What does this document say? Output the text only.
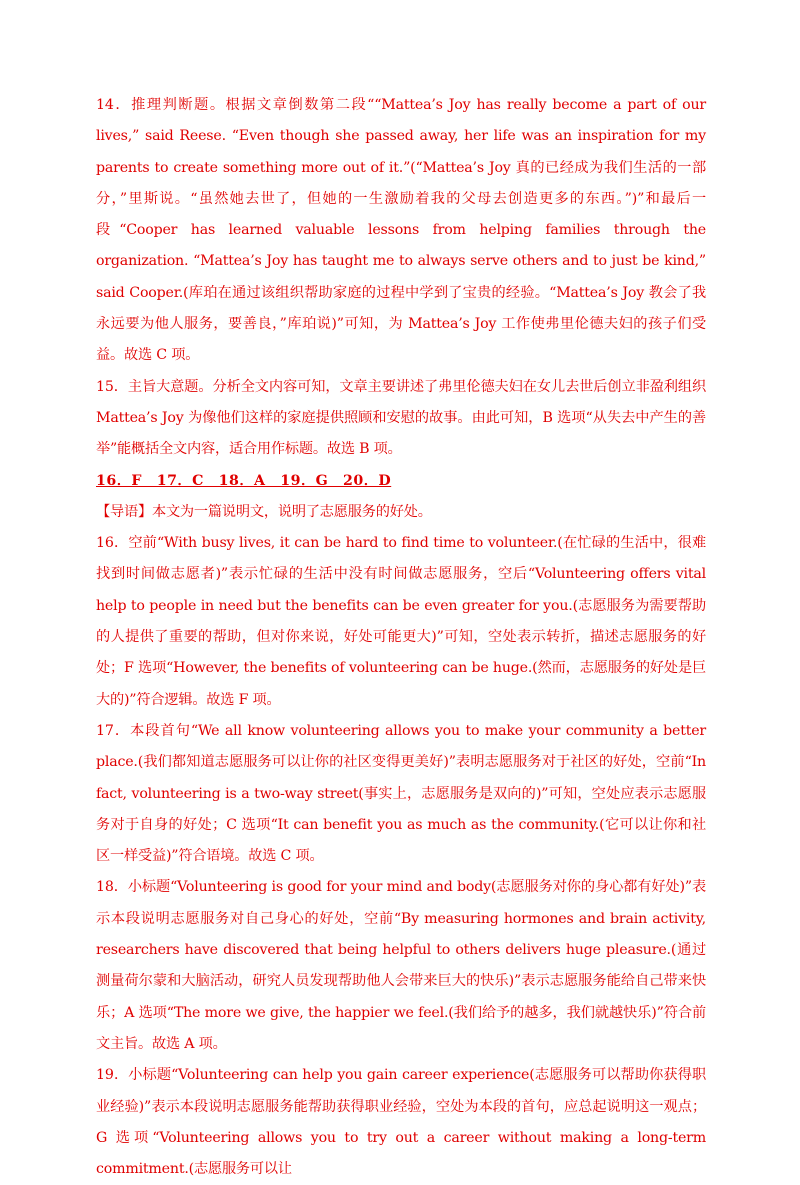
14．推理判断题。根据文章倒数第二段““Mattea’s Joy has really become a part of our lives,” said Reese. “Even though she passed away, her life was an inspiration for my parents to create something more out of it.”(“Mattea’s Joy 真的已经成为我们生活的一部分，”里斯说。“虽然她去世了，但她的一生激励着我的父母去创造更多的东西。”)”和最后一段“Cooper has learned valuable lessons from helping families through the organization. “Mattea’s Joy has taught me to always serve others and to just be kind,” said Cooper.(库珀在通过该组织帮助家庭的过程中学到了宝贵的经验。“Mattea’s Joy 教会了我永远要为他人服务，要善良，”库珀说)”可知，为 Mattea’s Joy 工作使弗里伦德夫妇的孩子们受益。故选 C 项。

15．主旨大意题。分析全文内容可知，文章主要讲述了弗里伦德夫妇在女儿去世后创立非盈利组织 Mattea’s Joy 为像他们这样的家庭提供照顾和安慰的故事。由此可知，B 选项“从失去中产生的善举”能概括全文内容，适合用作标题。故选 B 项。

16．F　17．C　18．A　19．G　20．D

【导语】本文为一篇说明文，说明了志愿服务的好处。

16．空前“With busy lives, it can be hard to find time to volunteer.(在忙碌的生活中，很难找到时间做志愿者)”表示忙碌的生活中没有时间做志愿服务，空后“Volunteering offers vital help to people in need but the benefits can be even greater for you.(志愿服务为需要帮助的人提供了重要的帮助，但对你来说，好处可能更大)”可知，空处表示转折，描述志愿服务的好处；F 选项“However, the benefits of volunteering can be huge.(然而，志愿服务的好处是巨大的)”符合逻辑。故选 F 项。

17．本段首句“We all know volunteering allows you to make your community a better place.(我们都知道志愿服务可以让你的社区变得更美好)”表明志愿服务对于社区的好处，空前“In fact, volunteering is a two-way street(事实上，志愿服务是双向的)”可知，空处应表示志愿服务对于自身的好处；C 选项“It can benefit you as much as the community.(它可以让你和社区一样受益)”符合语境。故选 C 项。

18．小标题“Volunteering is good for your mind and body(志愿服务对你的身心都有好处)”表示本段说明志愿服务对自己身心的好处，空前“By measuring hormones and brain activity, researchers have discovered that being helpful to others delivers huge pleasure.(通过测量荷尔蒙和大脑活动，研究人员发现帮助他人会带来巨大的快乐)”表示志愿服务能给自己带来快乐；A 选项“The more we give, the happier we feel.(我们给予的越多，我们就越快乐)”符合前文主旨。故选 A 项。

19．小标题“Volunteering can help you gain career experience(志愿服务可以帮助你获得职业经验)”表示本段说明志愿服务能帮助获得职业经验，空处为本段的首句，应总起说明这一观点；G 选项“Volunteering allows you to try out a career without making a long-term commitment.(志愿服务可以让
